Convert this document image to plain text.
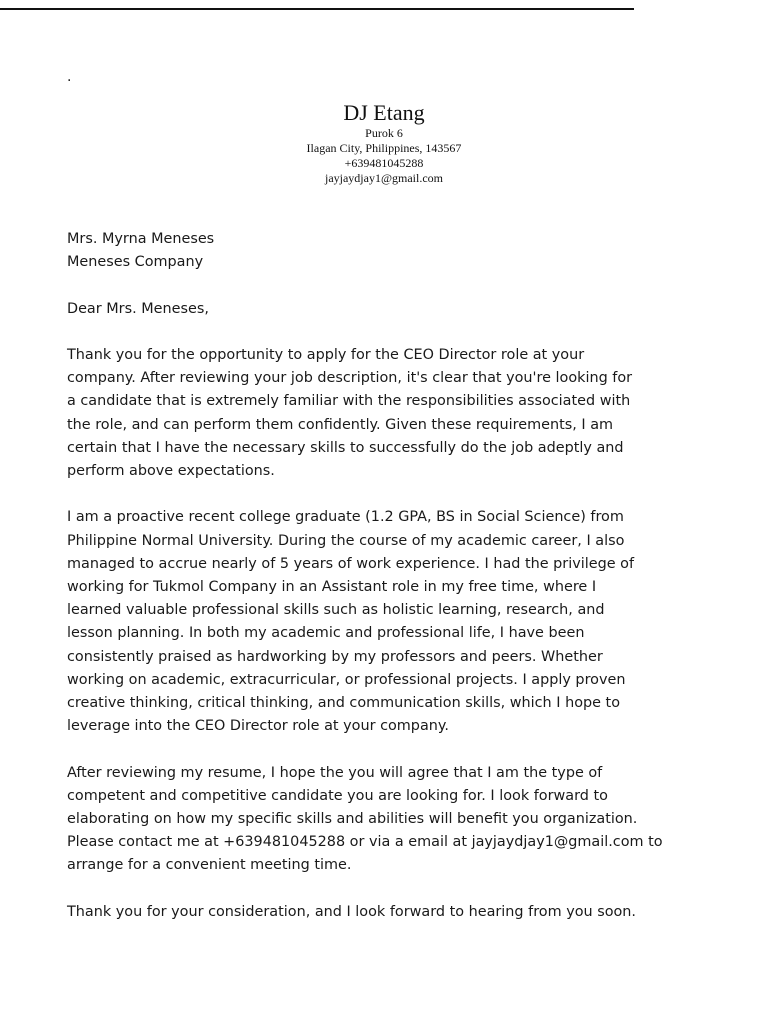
.
DJ Etang
Purok 6
Ilagan City, Philippines, 143567
+639481045288
jayjaydjay1@gmail.com
Mrs. Myrna Meneses
Meneses Company
Dear Mrs. Meneses,
Thank you for the opportunity to apply for the CEO Director role at your
company. After reviewing your job description, it's clear that you're looking for
a candidate that is extremely familiar with the responsibilities associated with
the role, and can perform them confidently. Given these requirements, I am
certain that I have the necessary skills to successfully do the job adeptly and
perform above expectations.
I am a proactive recent college graduate (1.2 GPA, BS in Social Science) from
Philippine Normal University. During the course of my academic career, I also
managed to accrue nearly of 5 years of work experience. I had the privilege of
working for Tukmol Company in an Assistant role in my free time, where I
learned valuable professional skills such as holistic learning, research, and
lesson planning. In both my academic and professional life, I have been
consistently praised as hardworking by my professors and peers. Whether
working on academic, extracurricular, or professional projects. I apply proven
creative thinking, critical thinking, and communication skills, which I hope to
leverage into the CEO Director role at your company.
After reviewing my resume, I hope the you will agree that I am the type of
competent and competitive candidate you are looking for. I look forward to
elaborating on how my specific skills and abilities will benefit you organization.
Please contact me at +639481045288 or via a email at jayjaydjay1@gmail.com to
arrange for a convenient meeting time.
Thank you for your consideration, and I look forward to hearing from you soon.
